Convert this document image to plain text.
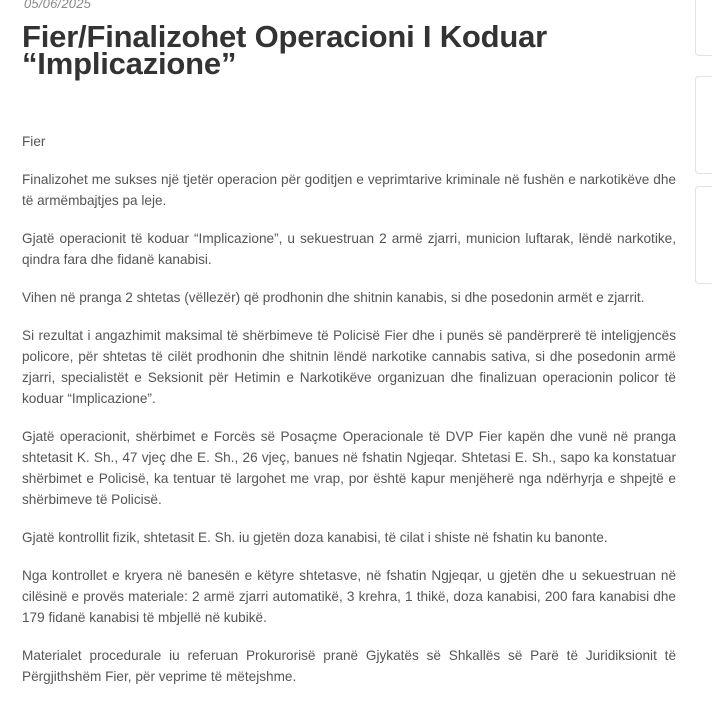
05/06/2025

Fier/Finalizohet Operacioni I Koduar
“Implicazione”

Fier

Finalizohet me sukses një tjetër operacion për goditjen e veprimtarive kriminale në fushën e narkotikëve dhe të armëmbajtjes pa leje.

Gjatë operacionit të koduar “Implicazione”, u sekuestruan 2 armë zjarri, municion luftarak, lëndë narkotike, qindra fara dhe fidanë kanabisi.

Vihen në pranga 2 shtetas (vëllezër) që prodhonin dhe shitnin kanabis, si dhe posedonin armët e zjarrit.

Si rezultat i angazhimit maksimal të shërbimeve të Policisë Fier dhe i punës së pandërprerë të inteligjencës policore, për shtetas të cilët prodhonin dhe shitnin lëndë narkotike cannabis sativa, si dhe posedonin armë zjarri, specialistët e Seksionit për Hetimin e Narkotikëve organizuan dhe finalizuan operacionin policor të koduar “Implicazione”.

Gjatë operacionit, shërbimet e Forcës së Posaçme Operacionale të DVP Fier kapën dhe vunë në pranga shtetasit K. Sh., 47 vjeç dhe E. Sh., 26 vjeç, banues në fshatin Ngjeqar. Shtetasi E. Sh., sapo ka konstatuar shërbimet e Policisë, ka tentuar të largohet me vrap, por është kapur menjëherë nga ndërhyrja e shpejtë e shërbimeve të Policisë.

Gjatë kontrollit fizik, shtetasit E. Sh. iu gjetën doza kanabisi, të cilat i shiste në fshatin ku banonte.

Nga kontrollet e kryera në banesën e këtyre shtetasve, në fshatin Ngjeqar, u gjetën dhe u sekuestruan në cilësinë e provës materiale: 2 armë zjarri automatikë, 3 krehra, 1 thikë, doza kanabisi, 200 fara kanabisi dhe 179 fidanë kanabisi të mbjellë në kubikë.

Materialet procedurale iu referuan Prokurorisë pranë Gjykatës së Shkallës së Parë të Juridiksionit të Përgjithshëm Fier, për veprime të mëtejshme.
